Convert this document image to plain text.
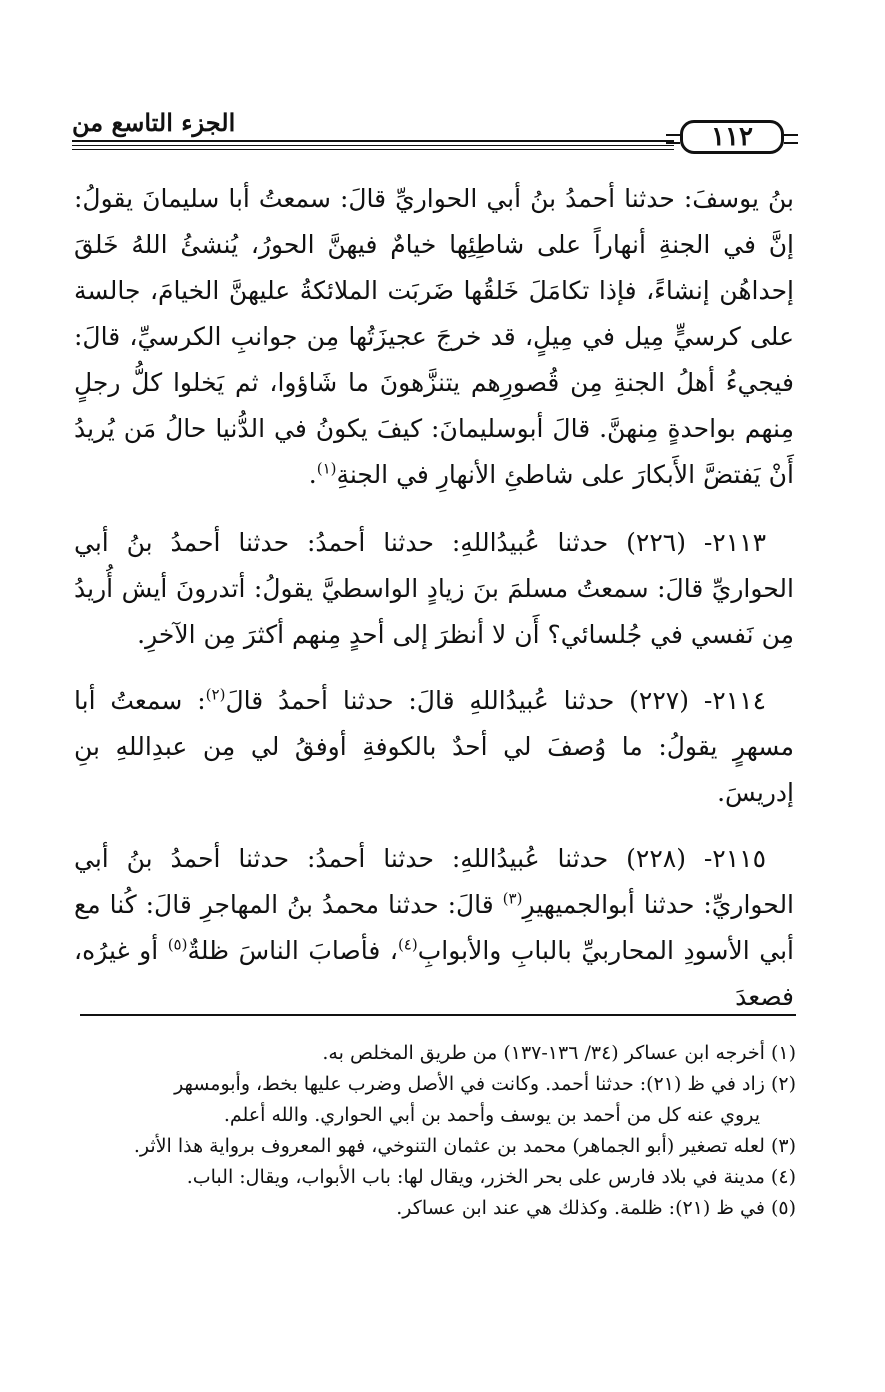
الجزء التاسع من	١١٢

بنُ يوسفَ: حدثنا أحمدُ بنُ أبي الحواريِّ قالَ: سمعتُ أبا سليمانَ يقولُ: إنَّ في الجنةِ أنهاراً على شاطِئِها خيامٌ فيهنَّ الحورُ، يُنشئُ اللهُ خَلقَ إحداهُن إنشاءً، فإذا تكامَلَ خَلقُها ضَربَت الملائكةُ عليهنَّ الخيامَ، جالسة على كرسيٍّ مِيل في مِيلٍ، قد خرجَ عجيزَتُها مِن جوانبِ الكرسيِّ، قالَ: فيجيءُ أهلُ الجنةِ مِن قُصورِهم يتنزَّهونَ ما شَاؤوا، ثم يَخلوا كلُّ رجلٍ مِنهم بواحدةٍ مِنهنَّ. قالَ أبوسليمانَ: كيفَ يكونُ في الدُّنيا حالُ مَن يُريدُ أَنْ يَفتضَّ الأَبكارَ على شاطئِ الأنهارِ في الجنةِ$^{(١)}$.

٢١١٣- (٢٢٦) حدثنا عُبيدُاللهِ: حدثنا أحمدُ: حدثنا أحمدُ بنُ أبي الحواريِّ قالَ: سمعتُ مسلمَ بنَ زيادٍ الواسطيَّ يقولُ: أتدرونَ أيش أُريدُ مِن نَفسي في جُلسائي؟ أَن لا أنظرَ إلى أحدٍ مِنهم أكثرَ مِن الآخرِ.

٢١١٤- (٢٢٧) حدثنا عُبيدُاللهِ قالَ: حدثنا أحمدُ قالَ$^{(٢)}$: سمعتُ أبا مسهرٍ يقولُ: ما وُصفَ لي أحدٌ بالكوفةِ أوفقُ لي مِن عبدِاللهِ بنِ إدريسَ.

٢١١٥- (٢٢٨) حدثنا عُبيدُاللهِ: حدثنا أحمدُ: حدثنا أحمدُ بنُ أبي الحواريِّ: حدثنا أبوالجميهيرِ$^{(٣)}$ قالَ: حدثنا محمدُ بنُ المهاجرِ قالَ: كُنا مع أبي الأسودِ المحاربيِّ بالبابِ والأبوابِ$^{(٤)}$، فأصابَ الناسَ ظلةٌ$^{(٥)}$ أو غيرُه، فصعدَ

(١) أخرجه ابن عساكر (٣٤/ ١٣٦-١٣٧) من طريق المخلص به.

(٢) زاد في ظ (٢١): حدثنا أحمد. وكانت في الأصل وضرب عليها بخط، وأبومسهر
يروي عنه كل من أحمد بن يوسف وأحمد بن أبي الحواري. والله أعلم.

(٣) لعله تصغير (أبو الجماهر) محمد بن عثمان التنوخي، فهو المعروف برواية هذا الأثر.

(٤) مدينة في بلاد فارس على بحر الخزر، ويقال لها: باب الأبواب، ويقال: الباب.

(٥) في ظ (٢١): ظلمة. وكذلك هي عند ابن عساكر.
